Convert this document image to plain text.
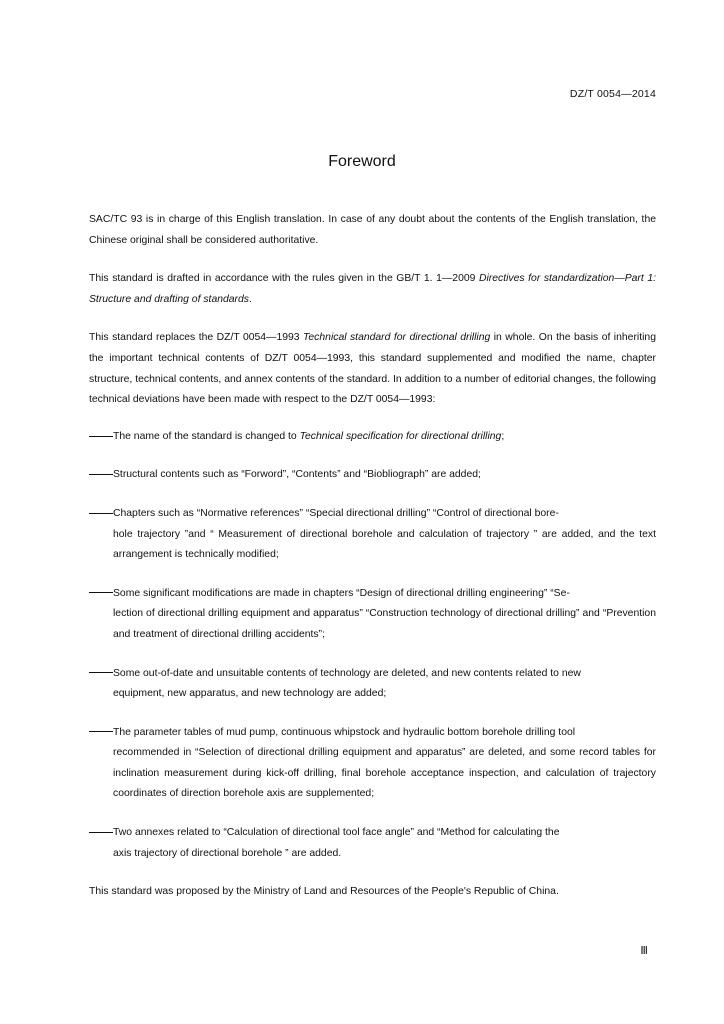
DZ/T 0054—2014
Foreword

SAC/TC 93 is in charge of this English translation. In case of any doubt about the contents of the English translation, the Chinese original shall be considered authoritative.

This standard is drafted in accordance with the rules given in the GB/T 1. 1—2009 Directives for standardization—Part 1: Structure and drafting of standards.

This standard replaces the DZ/T 0054—1993 Technical standard for directional drilling in whole. On the basis of inheriting the important technical contents of DZ/T 0054—1993, this standard supplemented and modified the name, chapter structure, technical contents, and annex contents of the standard. In addition to a number of editorial changes, the following technical deviations have been made with respect to the DZ/T 0054—1993:

The name of the standard is changed to Technical specification for directional drilling;
Structural contents such as “Forword”, “Contents” and “Biobliograph” are added;
Chapters such as “Normative references” “Special directional drilling” “Control of directional bore-
hole trajectory ”and “ Measurement of directional borehole and calculation of trajectory ” are added, and the text arrangement is technically modified;
Some significant modifications are made in chapters “Design of directional drilling engineering” “Se-
lection of directional drilling equipment and apparatus” “Construction technology of directional drilling” and “Prevention and treatment of directional drilling accidents”;
Some out-of-date and unsuitable contents of technology are deleted, and new contents related to new
equipment, new apparatus, and new technology are added;
The parameter tables of mud pump, continuous whipstock and hydraulic bottom borehole drilling tool
recommended in “Selection of directional drilling equipment and apparatus” are deleted, and some record tables for inclination measurement during kick-off drilling, final borehole acceptance inspection, and calculation of trajectory coordinates of direction borehole axis are supplemented;
Two annexes related to “Calculation of directional tool face angle” and “Method for calculating the
axis trajectory of directional borehole ” are added.

This standard was proposed by the Ministry of Land and Resources of the People's Republic of China.

Ⅲ
